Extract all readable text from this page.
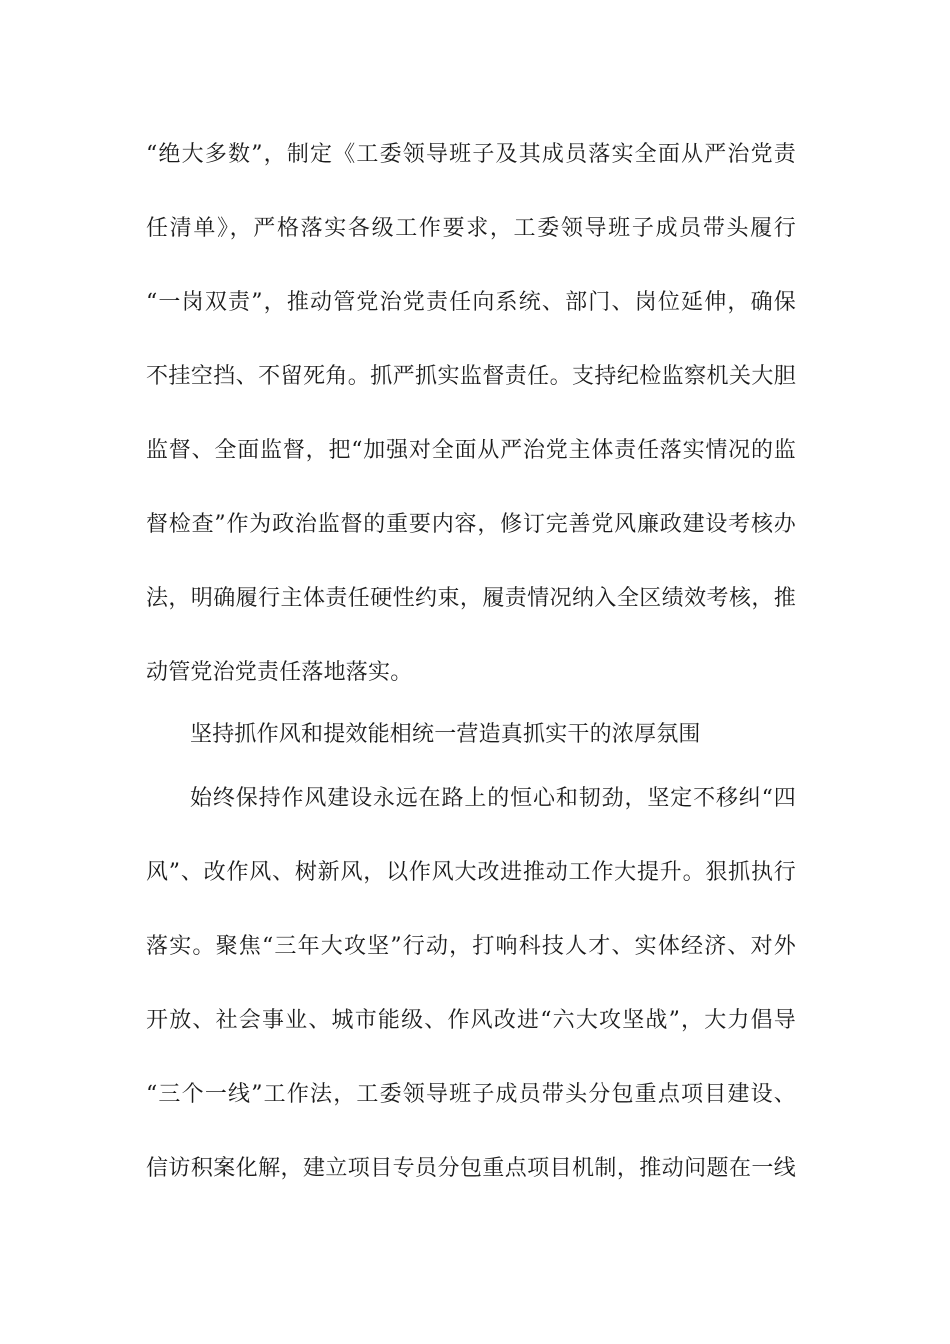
“绝大多数”，制定《工委领导班子及其成员落实全面从严治党责
任清单》，严格落实各级工作要求，工委领导班子成员带头履行
“一岗双责”，推动管党治党责任向系统、部门、岗位延伸，确保
不挂空挡、不留死角。抓严抓实监督责任。支持纪检监察机关大胆
监督、全面监督，把“加强对全面从严治党主体责任落实情况的监
督检查”作为政治监督的重要内容，修订完善党风廉政建设考核办
法，明确履行主体责任硬性约束，履责情况纳入全区绩效考核，推
动管党治党责任落地落实。
坚持抓作风和提效能相统一营造真抓实干的浓厚氛围
始终保持作风建设永远在路上的恒心和韧劲，坚定不移纠“四
风”、改作风、树新风，以作风大改进推动工作大提升。狠抓执行
落实。聚焦“三年大攻坚”行动，打响科技人才、实体经济、对外
开放、社会事业、城市能级、作风改进“六大攻坚战”，大力倡导
“三个一线”工作法，工委领导班子成员带头分包重点项目建设、
信访积案化解，建立项目专员分包重点项目机制，推动问题在一线
